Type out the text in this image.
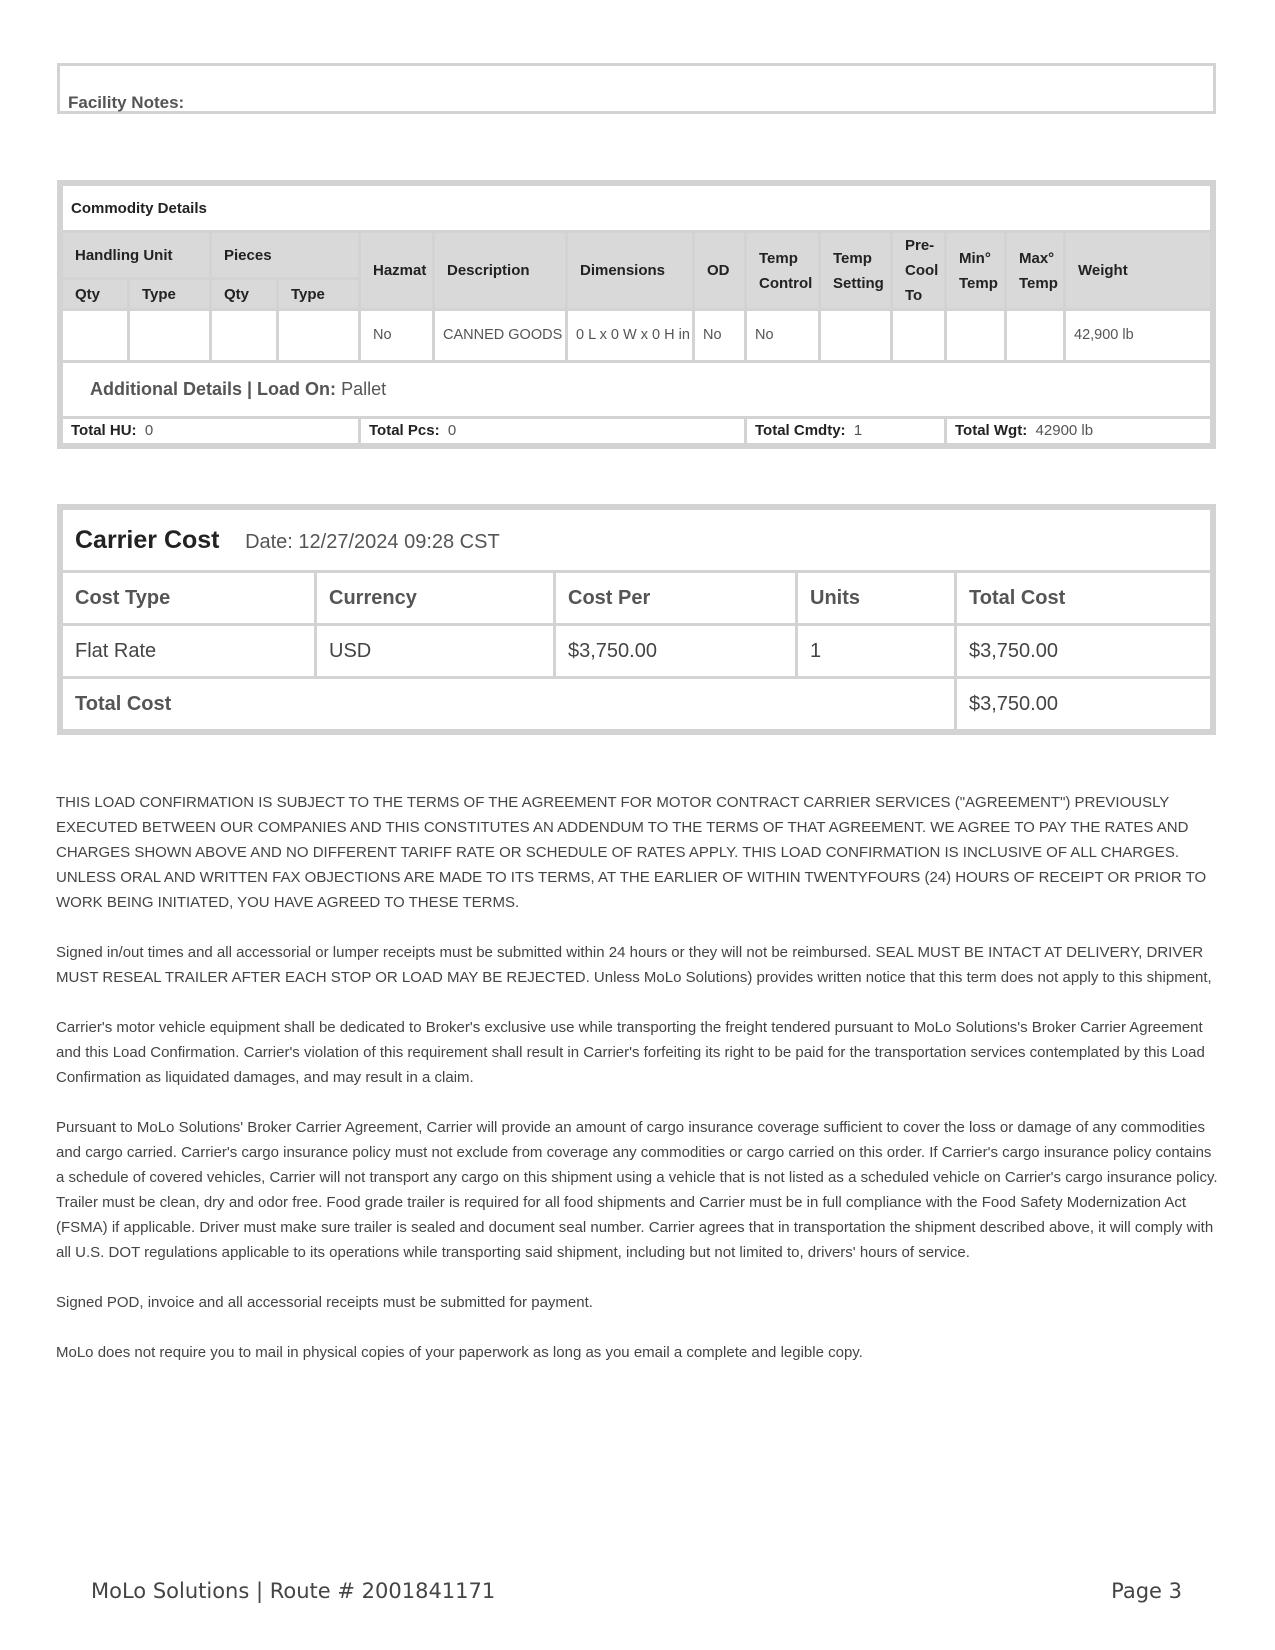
Facility Notes:
Commodity Details													
Handling Unit		Pieces		Hazmat	Description	Dimensions	OD	Temp Control	Temp Setting	Pre-Cool To	Min° Temp	Max° Temp	Weight
Qty	Type	Qty	Type										
				No	CANNED GOODS	0 L x 0 W x 0 H in	No	No					42,900 lb
Additional Details | Load On: Pallet													
Total HU: 0				Total Pcs: 0				Total Cmdty: 1			Total Wgt: 42900 lb		
Carrier Cost Date: 12/27/2024 09:28 CST				
Cost Type	Currency	Cost Per	Units	Total Cost
Flat Rate	USD	$3,750.00	1	$3,750.00
Total Cost				$3,750.00

THIS LOAD CONFIRMATION IS SUBJECT TO THE TERMS OF THE AGREEMENT FOR MOTOR CONTRACT CARRIER SERVICES ("AGREEMENT") PREVIOUSLY EXECUTED BETWEEN OUR COMPANIES AND THIS CONSTITUTES AN ADDENDUM TO THE TERMS OF THAT AGREEMENT. WE AGREE TO PAY THE RATES AND CHARGES SHOWN ABOVE AND NO DIFFERENT TARIFF RATE OR SCHEDULE OF RATES APPLY. THIS LOAD CONFIRMATION IS INCLUSIVE OF ALL CHARGES. UNLESS ORAL AND WRITTEN FAX OBJECTIONS ARE MADE TO ITS TERMS, AT THE EARLIER OF WITHIN TWENTYFOURS (24) HOURS OF RECEIPT OR PRIOR TO WORK BEING INITIATED, YOU HAVE AGREED TO THESE TERMS.

Signed in/out times and all accessorial or lumper receipts must be submitted within 24 hours or they will not be reimbursed. SEAL MUST BE INTACT AT DELIVERY, DRIVER MUST RESEAL TRAILER AFTER EACH STOP OR LOAD MAY BE REJECTED. Unless MoLo Solutions) provides written notice that this term does not apply to this shipment,

Carrier's motor vehicle equipment shall be dedicated to Broker's exclusive use while transporting the freight tendered pursuant to MoLo Solutions's Broker Carrier Agreement and this Load Confirmation. Carrier's violation of this requirement shall result in Carrier's forfeiting its right to be paid for the transportation services contemplated by this Load Confirmation as liquidated damages, and may result in a claim.

Pursuant to MoLo Solutions' Broker Carrier Agreement, Carrier will provide an amount of cargo insurance coverage sufficient to cover the loss or damage of any commodities and cargo carried. Carrier's cargo insurance policy must not exclude from coverage any commodities or cargo carried on this order. If Carrier's cargo insurance policy contains a schedule of covered vehicles, Carrier will not transport any cargo on this shipment using a vehicle that is not listed as a scheduled vehicle on Carrier's cargo insurance policy. Trailer must be clean, dry and odor free. Food grade trailer is required for all food shipments and Carrier must be in full compliance with the Food Safety Modernization Act (FSMA) if applicable. Driver must make sure trailer is sealed and document seal number. Carrier agrees that in transportation the shipment described above, it will comply with all U.S. DOT regulations applicable to its operations while transporting said shipment, including but not limited to, drivers' hours of service.

Signed POD, invoice and all accessorial receipts must be submitted for payment.

MoLo does not require you to mail in physical copies of your paperwork as long as you email a complete and legible copy.

MoLo Solutions | Route # 2001841171	Page 3
